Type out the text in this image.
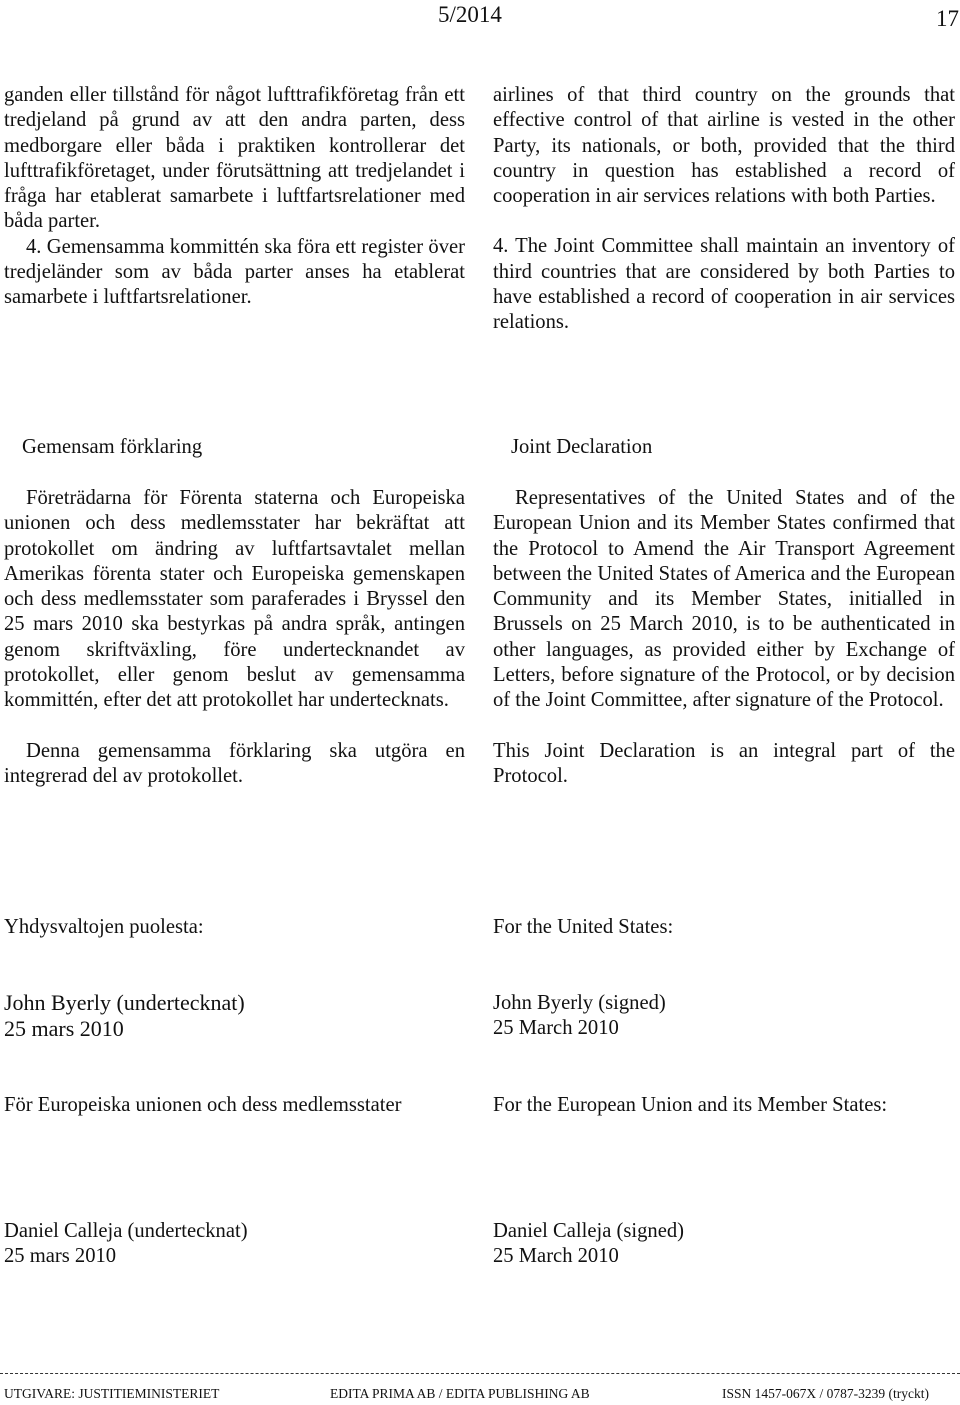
5/2014	17

ganden eller tillstånd för något lufttrafikföretag från ett tredjeland på grund av att den andra parten, dess medborgare eller båda i praktiken kontrollerar det lufttrafikföretaget, under förutsättning att tredjelandet i fråga har etablerat samarbete i luftfartsrelationer med båda parter.

4. Gemensamma kommittén ska föra ett register över tredjeländer som av båda parter anses ha etablerat samarbete i luftfartsrelationer.

airlines of that third country on the grounds that effective control of that airline is vested in the other Party, its nationals, or both, provided that the third country in question has established a record of cooperation in air services relations with both Parties.

4. The Joint Committee shall maintain an inventory of third countries that are considered by both Parties to have established a record of cooperation in air services relations.

Gemensam förklaring	Joint Declaration

Företrädarna för Förenta staterna och Europeiska unionen och dess medlemsstater har bekräftat att protokollet om ändring av luftfartsavtalet mellan Amerikas förenta stater och Europeiska gemenskapen och dess medlemsstater som paraferades i Bryssel den 25 mars 2010 ska bestyrkas på andra språk, antingen genom skriftväxling, före undertecknandet av protokollet, eller genom beslut av gemensamma kommittén, efter det att protokollet har undertecknats.

Denna gemensamma förklaring ska utgöra en integrerad del av protokollet.

Representatives of the United States and of the European Union and its Member States confirmed that the Protocol to Amend the Air Transport Agreement between the United States of America and the European Community and its Member States, initialled in Brussels on 25 March 2010, is to be authenticated in other languages, as provided either by Exchange of Letters, before signature of the Protocol, or by decision of the Joint Committee, after signature of the Protocol.

This Joint Declaration is an integral part of the Protocol.

Yhdysvaltojen puolesta:	For the United States:
John Byerly (undertecknat)
25 mars 2010
John Byerly (signed)
25 March 2010
För Europeiska unionen och dess medlemsstater	For the European Union and its Member States:
Daniel Calleja (undertecknat)
25 mars 2010
Daniel Calleja (signed)
25 March 2010
UTGIVARE: JUSTITIEMINISTERIET	EDITA PRIMA AB / EDITA PUBLISHING AB	ISSN 1457-067X / 0787-3239 (tryckt)
